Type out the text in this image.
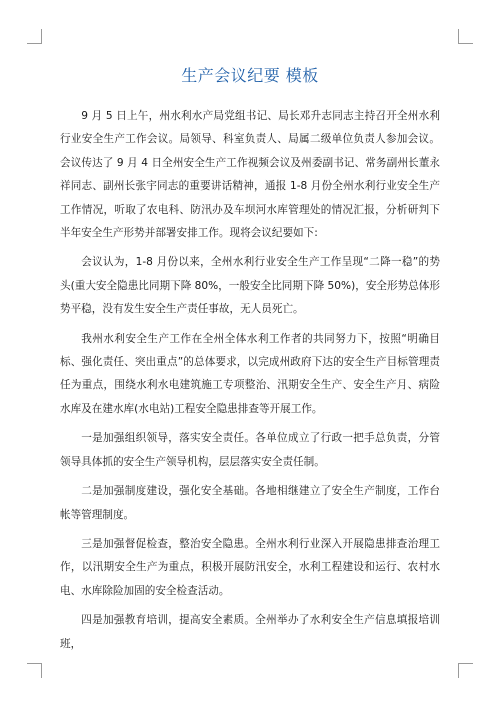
生产会议纪要 模板

9 月 5 日上午，州水利水产局党组书记、局长邓升志同志主持召开全州水利行业安全生产工作会议。局领导、科室负责人、局属二级单位负责人参加会议。会议传达了 9 月 4 日全州安全生产工作视频会议及州委副书记、常务副州长董永祥同志、副州长张宇同志的重要讲话精神，通报 1-8 月份全州水利行业安全生产工作情况，听取了农电科、防汛办及车坝河水库管理处的情况汇报，分析研判下半年安全生产形势并部署安排工作。现将会议纪要如下:

会议认为，1-8 月份以来，全州水利行业安全生产工作呈现“二降一稳”的势头(重大安全隐患比同期下降 80%，一般安全比同期下降 50%)，安全形势总体形势平稳，没有发生安全生产责任事故，无人员死亡。

我州水利安全生产工作在全州全体水利工作者的共同努力下，按照“明确目标、强化责任、突出重点”的总体要求，以完成州政府下达的安全生产目标管理责任为重点，围绕水利水电建筑施工专项整治、汛期安全生产、安全生产月、病险水库及在建水库(水电站)工程安全隐患排查等开展工作。

一是加强组织领导，落实安全责任。各单位成立了行政一把手总负责，分管领导具体抓的安全生产领导机构，层层落实安全责任制。

二是加强制度建设，强化安全基础。各地相继建立了安全生产制度，工作台帐等管理制度。

三是加强督促检查，整治安全隐患。全州水利行业深入开展隐患排查治理工作，以汛期安全生产为重点，积极开展防汛安全，水利工程建设和运行、农村水电、水库除险加固的安全检查活动。

四是加强教育培训，提高安全素质。全州举办了水利安全生产信息填报培训班，
